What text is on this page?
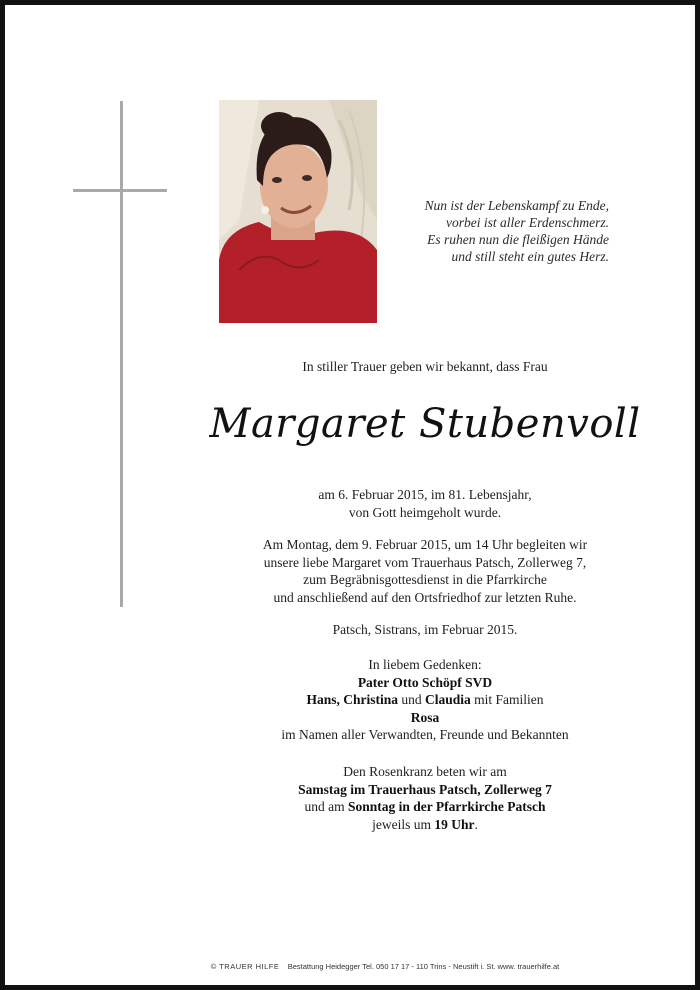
Nun ist der Lebenskampf zu Ende,
vorbei ist aller Erdenschmerz.
Es ruhen nun die fleißigen Hände
und still steht ein gutes Herz.
In stiller Trauer geben wir bekannt, dass Frau
Margaret Stubenvoll
am 6. Februar 2015, im 81. Lebensjahr,
von Gott heimgeholt wurde.
Am Montag, dem 9. Februar 2015, um 14 Uhr begleiten wir
unsere liebe Margaret vom Trauerhaus Patsch, Zollerweg 7,
zum Begräbnisgottesdienst in die Pfarrkirche
und anschließend auf den Ortsfriedhof zur letzten Ruhe.
Patsch, Sistrans, im Februar 2015.
In liebem Gedenken:
Pater Otto Schöpf SVD
Hans, Christina und Claudia mit Familien
Rosa
im Namen aller Verwandten, Freunde und Bekannten
Den Rosenkranz beten wir am
Samstag im Trauerhaus Patsch, Zollerweg 7
und am Sonntag in der Pfarrkirche Patsch
jeweils um 19 Uhr.
© TRAUER HILFE Bestattung Heidegger Tel. 050 17 17 - 110 Trins - Neustift i. St. www. trauerhilfe.at
